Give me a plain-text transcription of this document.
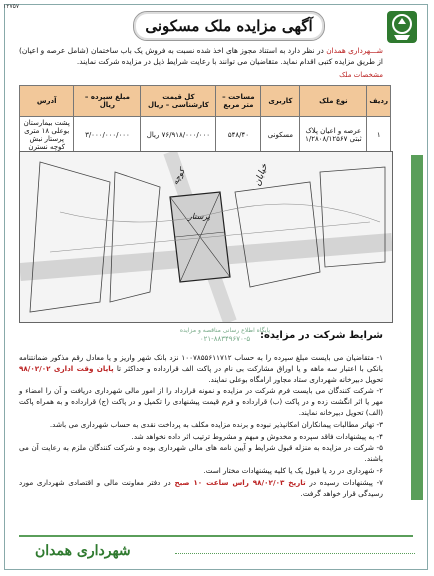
۱۲۷۵۷
آگهی مزایده ملک مسکونی
شـــهرداری همدان در نظر دارد به استناد مجوز های اخذ شده نسبت به فروش یک باب ساختمان (شامل عرصه و اعیان) از طریق مزایده کتبی اقدام نماید. متقاضیان می توانند با رعایت شرایط ذیل در مزایده شرکت نمایند.
مشخصات ملک
ردیف	نوع ملک	کاربری	مساحت – متر مربع	کل قیمت کارشناسی – ریال	مبلغ سپرده – ریال	آدرس
۱	عرصه و اعیان پلاک ثبتی ۱/۲۸۰۸/۱۲۵۶۷	مسکونی	۵۴۸/۴۰	۷۶/۹۱۸/۰۰۰/۰۰۰ ریال	۳/۰۰۰/۰۰۰/۰۰۰	پشت بیمارستان بوعلی ۱۸ متری پرستار نبش کوچه نسترن
خیابان
کوچه
پرستار
پایگاه اطلاع رسانی مناقصه و مزایده
۰۲۱-۸۸۳۴۹۶۷۰-۵ شرایط شرکت در مزایده:

۱- متقاضیان می بایست مبلغ سپرده را به حساب ۱۰۰۷۸۵۵۶۱۱۷۱۲ نزد بانک شهر واریز و یا معادل رقم مذکور ضمانتنامه بانکی با اعتبار سه ماهه و یا اوراق مشارکت بی نام در پاکت الف قرارداده و حداکثر تا پایان وقت اداری ۹۸/۰۲/۰۲ تحویل دبیرخانه شهرداری ستاد مجاور ارامگاه بوعلی نمایند.

۲- شرکت کنندگان می بایست فرم شرکت در مزایده و نمونه قرارداد را از امور مالی شهرداری دریافت و آن را امضاء و مهر یا اثر انگشت زده و در پاکت (ب) قرارداده و فرم قیمت پیشنهادی را تکمیل و در پاکت (ج) قرارداده و به همراه پاکت (الف) تحویل دبیرخانه نمایند.

۳- تهاتر مطالبات پیمانکاران امکانپذیر نبوده و برنده مزایده مکلف به پرداخت نقدی به حساب شهرداری می باشد.

۴- به پیشنهادات فاقد سپرده و مخدوش و مبهم و مشروط ترتیب اثر داده نخواهد شد.

۵- شرکت در مزایده به منزله قبول شرایط و آیین نامه های مالی شهرداری بوده و شرکت کنندگان ملزم به رعایت آن می باشند.

۶- شهرداری در رد یا قبول یک یا کلیه پیشنهادات مختار است.

۷- پیشنهادات رسیده در تاریخ ۹۸/۰۲/۰۳ راس ساعت ۱۰ صبح در دفتر معاونت مالی و اقتصادی شهرداری مورد رسیدگی قرار خواهد گرفت.

شهرداری همدان
